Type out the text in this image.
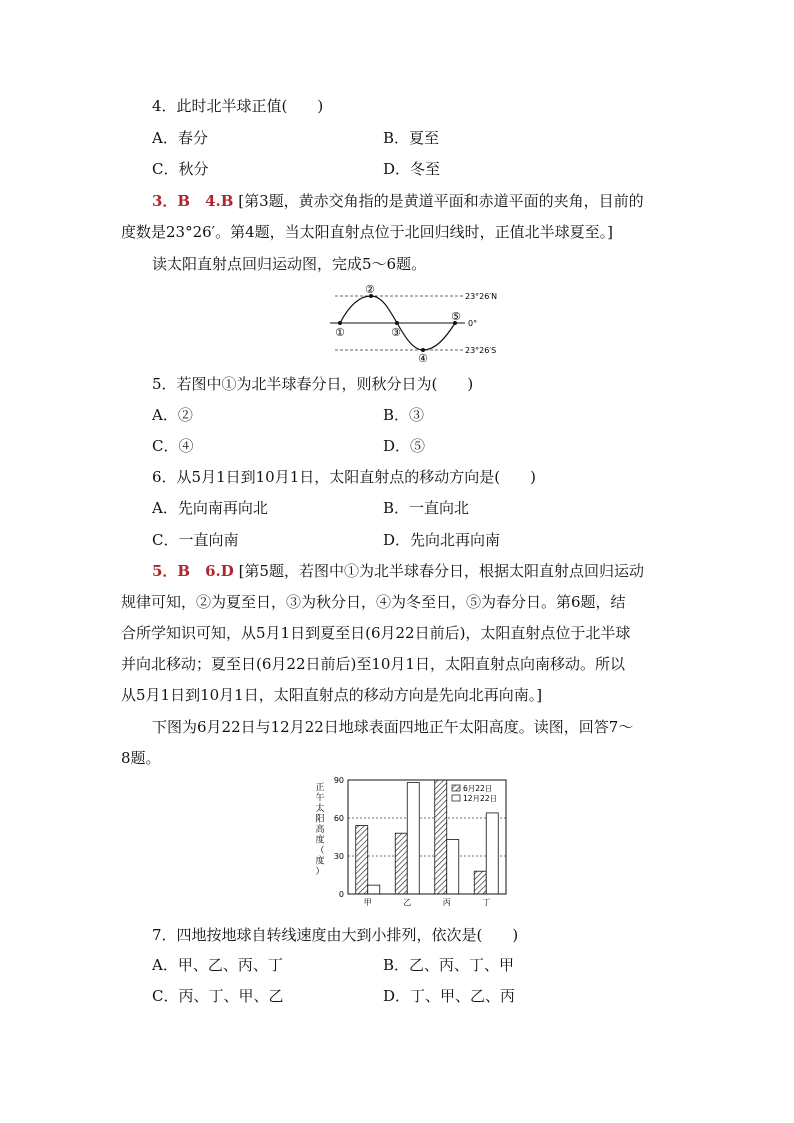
4．此时北半球正值(　　)
A．春分	B．夏至
C．秋分	D．冬至
3．B　4.B [第3题，黄赤交角指的是黄道平面和赤道平面的夹角，目前的
度数是23°26′。第4题，当太阳直射点位于北回归线时，正值北半球夏至。]
读太阳直射点回归运动图，完成5～6题。
①
②
③
④
⑤
23°26′N
0°
23°26′S
5．若图中①为北半球春分日，则秋分日为(　　)
A．②	B．③
C．④	D．⑤
6．从5月1日到10月1日，太阳直射点的移动方向是(　　)
A．先向南再向北	B．一直向北
C．一直向南	D．先向北再向南
5．B　6.D [第5题，若图中①为北半球春分日，根据太阳直射点回归运动
规律可知，②为夏至日，③为秋分日，④为冬至日，⑤为春分日。第6题，结
合所学知识可知，从5月1日到夏至日(6月22日前后)，太阳直射点位于北半球
并向北移动；夏至日(6月22日前后)至10月1日，太阳直射点向南移动。所以
从5月1日到10月1日，太阳直射点的移动方向是先向北再向南。]
下图为6月22日与12月22日地球表面四地正午太阳高度。读图，回答7～
8题。
正
午
太
阳
高
度
（
度
）
0
30
60
90
甲	乙	丙	丁
6月22日
12月22日
7．四地按地球自转线速度由大到小排列，依次是(　　)
A．甲、乙、丙、丁	B．乙、丙、丁、甲
C．丙、丁、甲、乙	D．丁、甲、乙、丙
